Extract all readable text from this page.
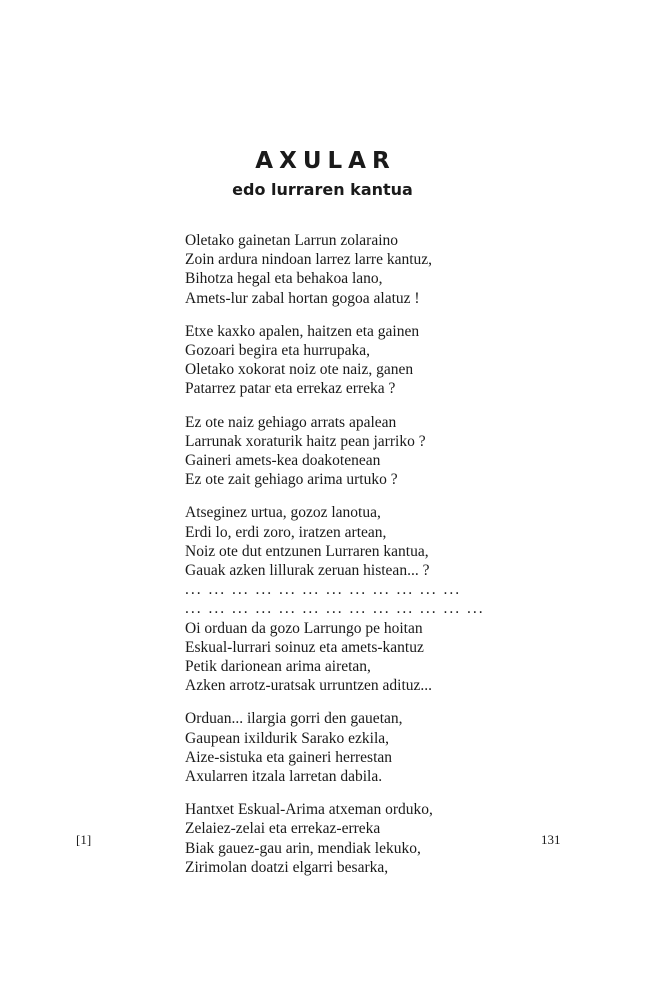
AXULAR
edo lurraren kantua
Oletako gainetan Larrun zolaraino
Zoin ardura nindoan larrez larre kantuz,
Bihotza hegal eta behakoa lano,
Amets-lur zabal hortan gogoa alatuz !
Etxe kaxko apalen, haitzen eta gainen
Gozoari begira eta hurrupaka,
Oletako xokorat noiz ote naiz, ganen
Patarrez patar eta errekaz erreka ?
Ez ote naiz gehiago arrats apalean
Larrunak xoraturik haitz pean jarriko ?
Gaineri amets-kea doakotenean
Ez ote zait gehiago arima urtuko ?
Atseginez urtua, gozoz lanotua,
Erdi lo, erdi zoro, iratzen artean,
Noiz ote dut entzunen Lurraren kantua,
Gauak azken lillurak zeruan histean... ?
... ... ... ... ... ... ... ... ... ... ... ...
... ... ... ... ... ... ... ... ... ... ... ... ...
Oi orduan da gozo Larrungo pe hoitan
Eskual-lurrari soinuz eta amets-kantuz
Petik darionean arima airetan,
Azken arrotz-uratsak urruntzen adituz...
Orduan... ilargia gorri den gauetan,
Gaupean ixildurik Sarako ezkila,
Aize-sistuka eta gaineri herrestan
Axularren itzala larretan dabila.
Hantxet Eskual-Arima atxeman orduko,
Zelaiez-zelai eta errekaz-erreka
Biak gauez-gau arin, mendiak lekuko,
Zirimolan doatzi elgarri besarka,
[1]	131
